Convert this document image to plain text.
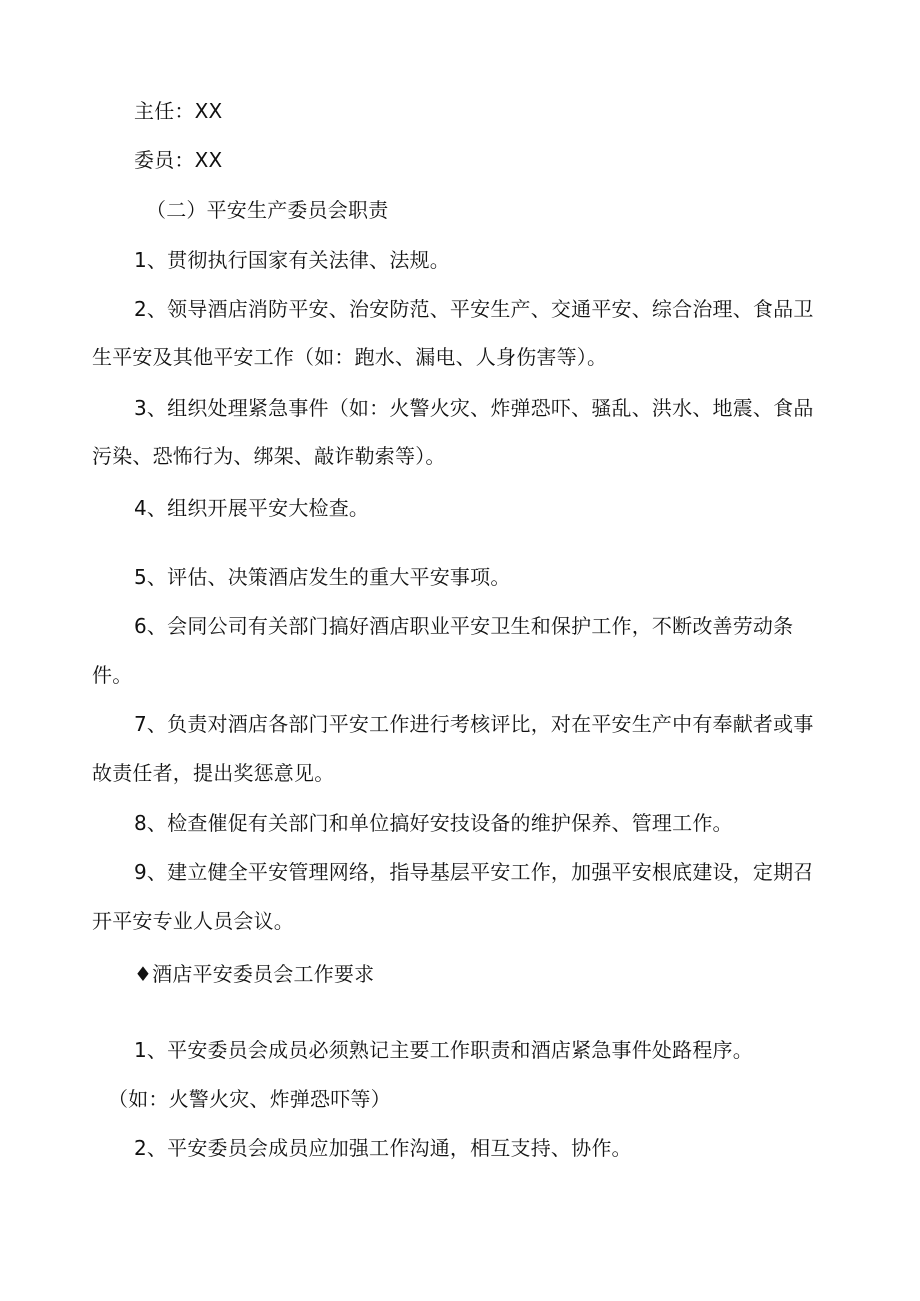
主任：XX
委员：XX
（二）平安生产委员会职责
1、贯彻执行国家有关法律、法规。
2、领导酒店消防平安、治安防范、平安生产、交通平安、综合治理、食品卫
生平安及其他平安工作（如：跑水、漏电、人身伤害等）。
3、组织处理紧急事件（如：火警火灾、炸弹恐吓、骚乱、洪水、地震、食品
污染、恐怖行为、绑架、敲诈勒索等）。
4、组织开展平安大检查。
5、评估、决策酒店发生的重大平安事项。
6、会同公司有关部门搞好酒店职业平安卫生和保护工作，不断改善劳动条
件。
7、负责对酒店各部门平安工作进行考核评比，对在平安生产中有奉献者或事
故责任者，提出奖惩意见。
8、检查催促有关部门和单位搞好安技设备的维护保养、管理工作。
9、建立健全平安管理网络，指导基层平安工作，加强平安根底建设，定期召
开平安专业人员会议。
♦酒店平安委员会工作要求
1、平安委员会成员必须熟记主要工作职责和酒店紧急事件处路程序。
（如：火警火灾、炸弹恐吓等）
2、平安委员会成员应加强工作沟通，相互支持、协作。
